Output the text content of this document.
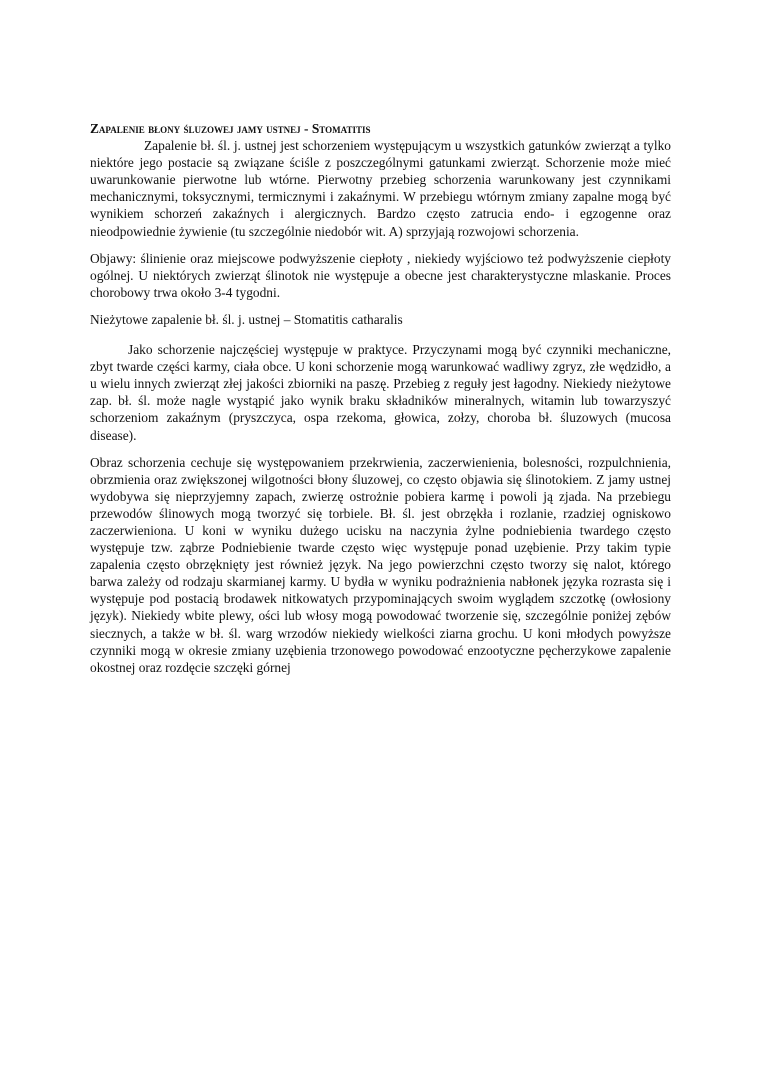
Zapalenie błony śluzowej jamy ustnej - Stomatitis

Zapalenie bł. śl. j. ustnej jest schorzeniem występującym u wszystkich gatunków zwierząt a tylko niektóre jego postacie są związane ściśle z poszczególnymi gatunkami zwierząt. Schorzenie może mieć uwarunkowanie pierwotne lub wtórne. Pierwotny przebieg schorzenia warunkowany jest czynnikami mechanicznymi, toksycznymi, termicznymi i zakaźnymi. W przebiegu wtórnym zmiany zapalne mogą być wynikiem schorzeń zakaźnych i alergicznych. Bardzo często zatrucia endo- i egzogenne oraz nieodpowiednie żywienie (tu szczególnie niedobór wit. A) sprzyjają rozwojowi schorzenia.

Objawy: ślinienie oraz miejscowe podwyższenie ciepłoty , niekiedy wyjściowo też podwyższenie ciepłoty ogólnej. U niektórych zwierząt ślinotok nie występuje a obecne jest charakterystyczne mlaskanie. Proces chorobowy trwa około 3-4 tygodni.

Nieżytowe zapalenie bł. śl. j. ustnej – Stomatitis catharalis

Jako schorzenie najczęściej występuje w praktyce. Przyczynami mogą być czynniki mechaniczne, zbyt twarde części karmy, ciała obce. U koni schorzenie mogą warunkować wadliwy zgryz, złe wędzidło, a u wielu innych zwierząt złej jakości zbiorniki na paszę. Przebieg z reguły jest łagodny. Niekiedy nieżytowe zap. bł. śl. może nagle wystąpić jako wynik braku składników mineralnych, witamin lub towarzyszyć schorzeniom zakaźnym (pryszczyca, ospa rzekoma, głowica, zołzy, choroba bł. śluzowych (mucosa disease).

Obraz schorzenia cechuje się występowaniem przekrwienia, zaczerwienienia, bolesności, rozpulchnienia, obrzmienia oraz zwiększonej wilgotności błony śluzowej, co często objawia się ślinotokiem. Z jamy ustnej wydobywa się nieprzyjemny zapach, zwierzę ostrożnie pobiera karmę i powoli ją zjada. Na przebiegu przewodów ślinowych mogą tworzyć się torbiele. Bł. śl. jest obrzękła i rozlanie, rzadziej ogniskowo zaczerwieniona. U koni w wyniku dużego ucisku na naczynia żylne podniebienia twardego często występuje tzw. ząbrze Podniebienie twarde często więc występuje ponad uzębienie. Przy takim typie zapalenia często obrzęknięty jest również język. Na jego powierzchni często tworzy się nalot, którego barwa zależy od rodzaju skarmianej karmy. U bydła w wyniku podrażnienia nabłonek języka rozrasta się i występuje pod postacią brodawek nitkowatych przypominających swoim wyglądem szczotkę (owłosiony język). Niekiedy wbite plewy, ości lub włosy mogą powodować tworzenie się, szczególnie poniżej zębów siecznych, a także w bł. śl. warg wrzodów niekiedy wielkości ziarna grochu. U koni młodych powyższe czynniki mogą w okresie zmiany uzębienia trzonowego powodować enzootyczne pęcherzykowe zapalenie okostnej oraz rozdęcie szczęki górnej
